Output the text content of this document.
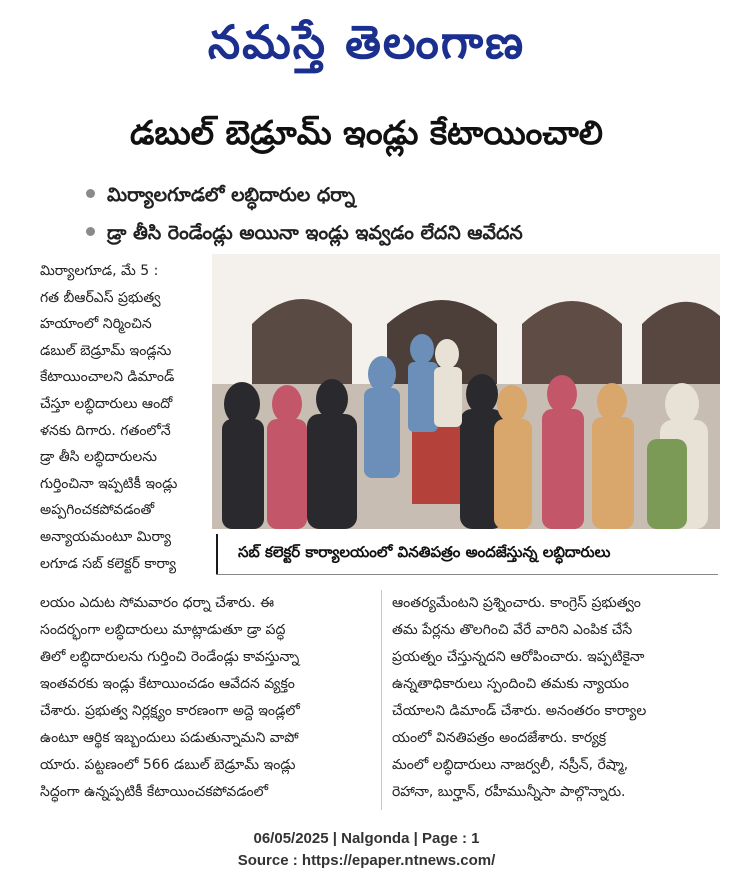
నమస్తే తెలంగాణ
డబుల్ బెడ్రూమ్ ఇండ్లు కేటాయించాలి
మిర్యాలగూడలో లబ్ధిదారుల ధర్నా
డ్రా తీసి రెండేండ్లు అయినా ఇండ్లు ఇవ్వడం లేదని ఆవేదన
మిర్యాలగూడ, మే 5 :
గత బీఆర్ఎస్ ప్రభుత్వ
హయాంలో నిర్మించిన
డబుల్ బెడ్రూమ్ ఇండ్లను
కేటాయించాలని డిమాండ్
చేస్తూ లబ్ధిదారులు ఆందో
ళనకు దిగారు. గతంలోనే
డ్రా తీసి లబ్ధిదారులను
గుర్తించినా ఇప్పటికీ ఇండ్లు
అప్పగించకపోవడంతో
అన్యాయమంటూ మిర్యా
లగూడ సబ్ కలెక్టర్ కార్యా
సబ్ కలెక్టర్ కార్యాలయంలో వినతిపత్రం అందజేస్తున్న లబ్ధిదారులు
లయం ఎదుట సోమవారం ధర్నా చేశారు. ఈ
సందర్భంగా లబ్ధిదారులు మాట్లాడుతూ డ్రా పద్ధ
తిలో లబ్ధిదారులను గుర్తించి రెండేండ్లు కావస్తున్నా
ఇంతవరకు ఇండ్లు కేటాయించడం ఆవేదన వ్యక్తం
చేశారు. ప్రభుత్వ నిర్లక్ష్యం కారణంగా అద్దె ఇండ్లలో
ఉంటూ ఆర్థిక ఇబ్బందులు పడుతున్నామని వాపో
యారు. పట్టణంలో 566 డబుల్ బెడ్రూమ్ ఇండ్లు
సిద్ధంగా ఉన్నప్పటికీ కేటాయించకపోవడంలో
ఆంతర్యమేంటని ప్రశ్నించారు. కాంగ్రెస్ ప్రభుత్వం
తమ పేర్లను తొలగించి వేరే వారిని ఎంపిక చేసే
ప్రయత్నం చేస్తున్నదని ఆరోపించారు. ఇప్పటికైనా
ఉన్నతాధికారులు స్పందించి తమకు న్యాయం
చేయాలని డిమాండ్ చేశారు. అనంతరం కార్యాల
యంలో వినతిపత్రం అందజేశారు. కార్యక్ర
మంలో లబ్ధిదారులు నాజర్వలీ, నస్రీన్, రేష్మా,
రెహానా, బుర్హాన్, రహీమున్నీసా పాల్గొన్నారు.
06/05/2025 | Nalgonda | Page : 1
Source : https://epaper.ntnews.com/
